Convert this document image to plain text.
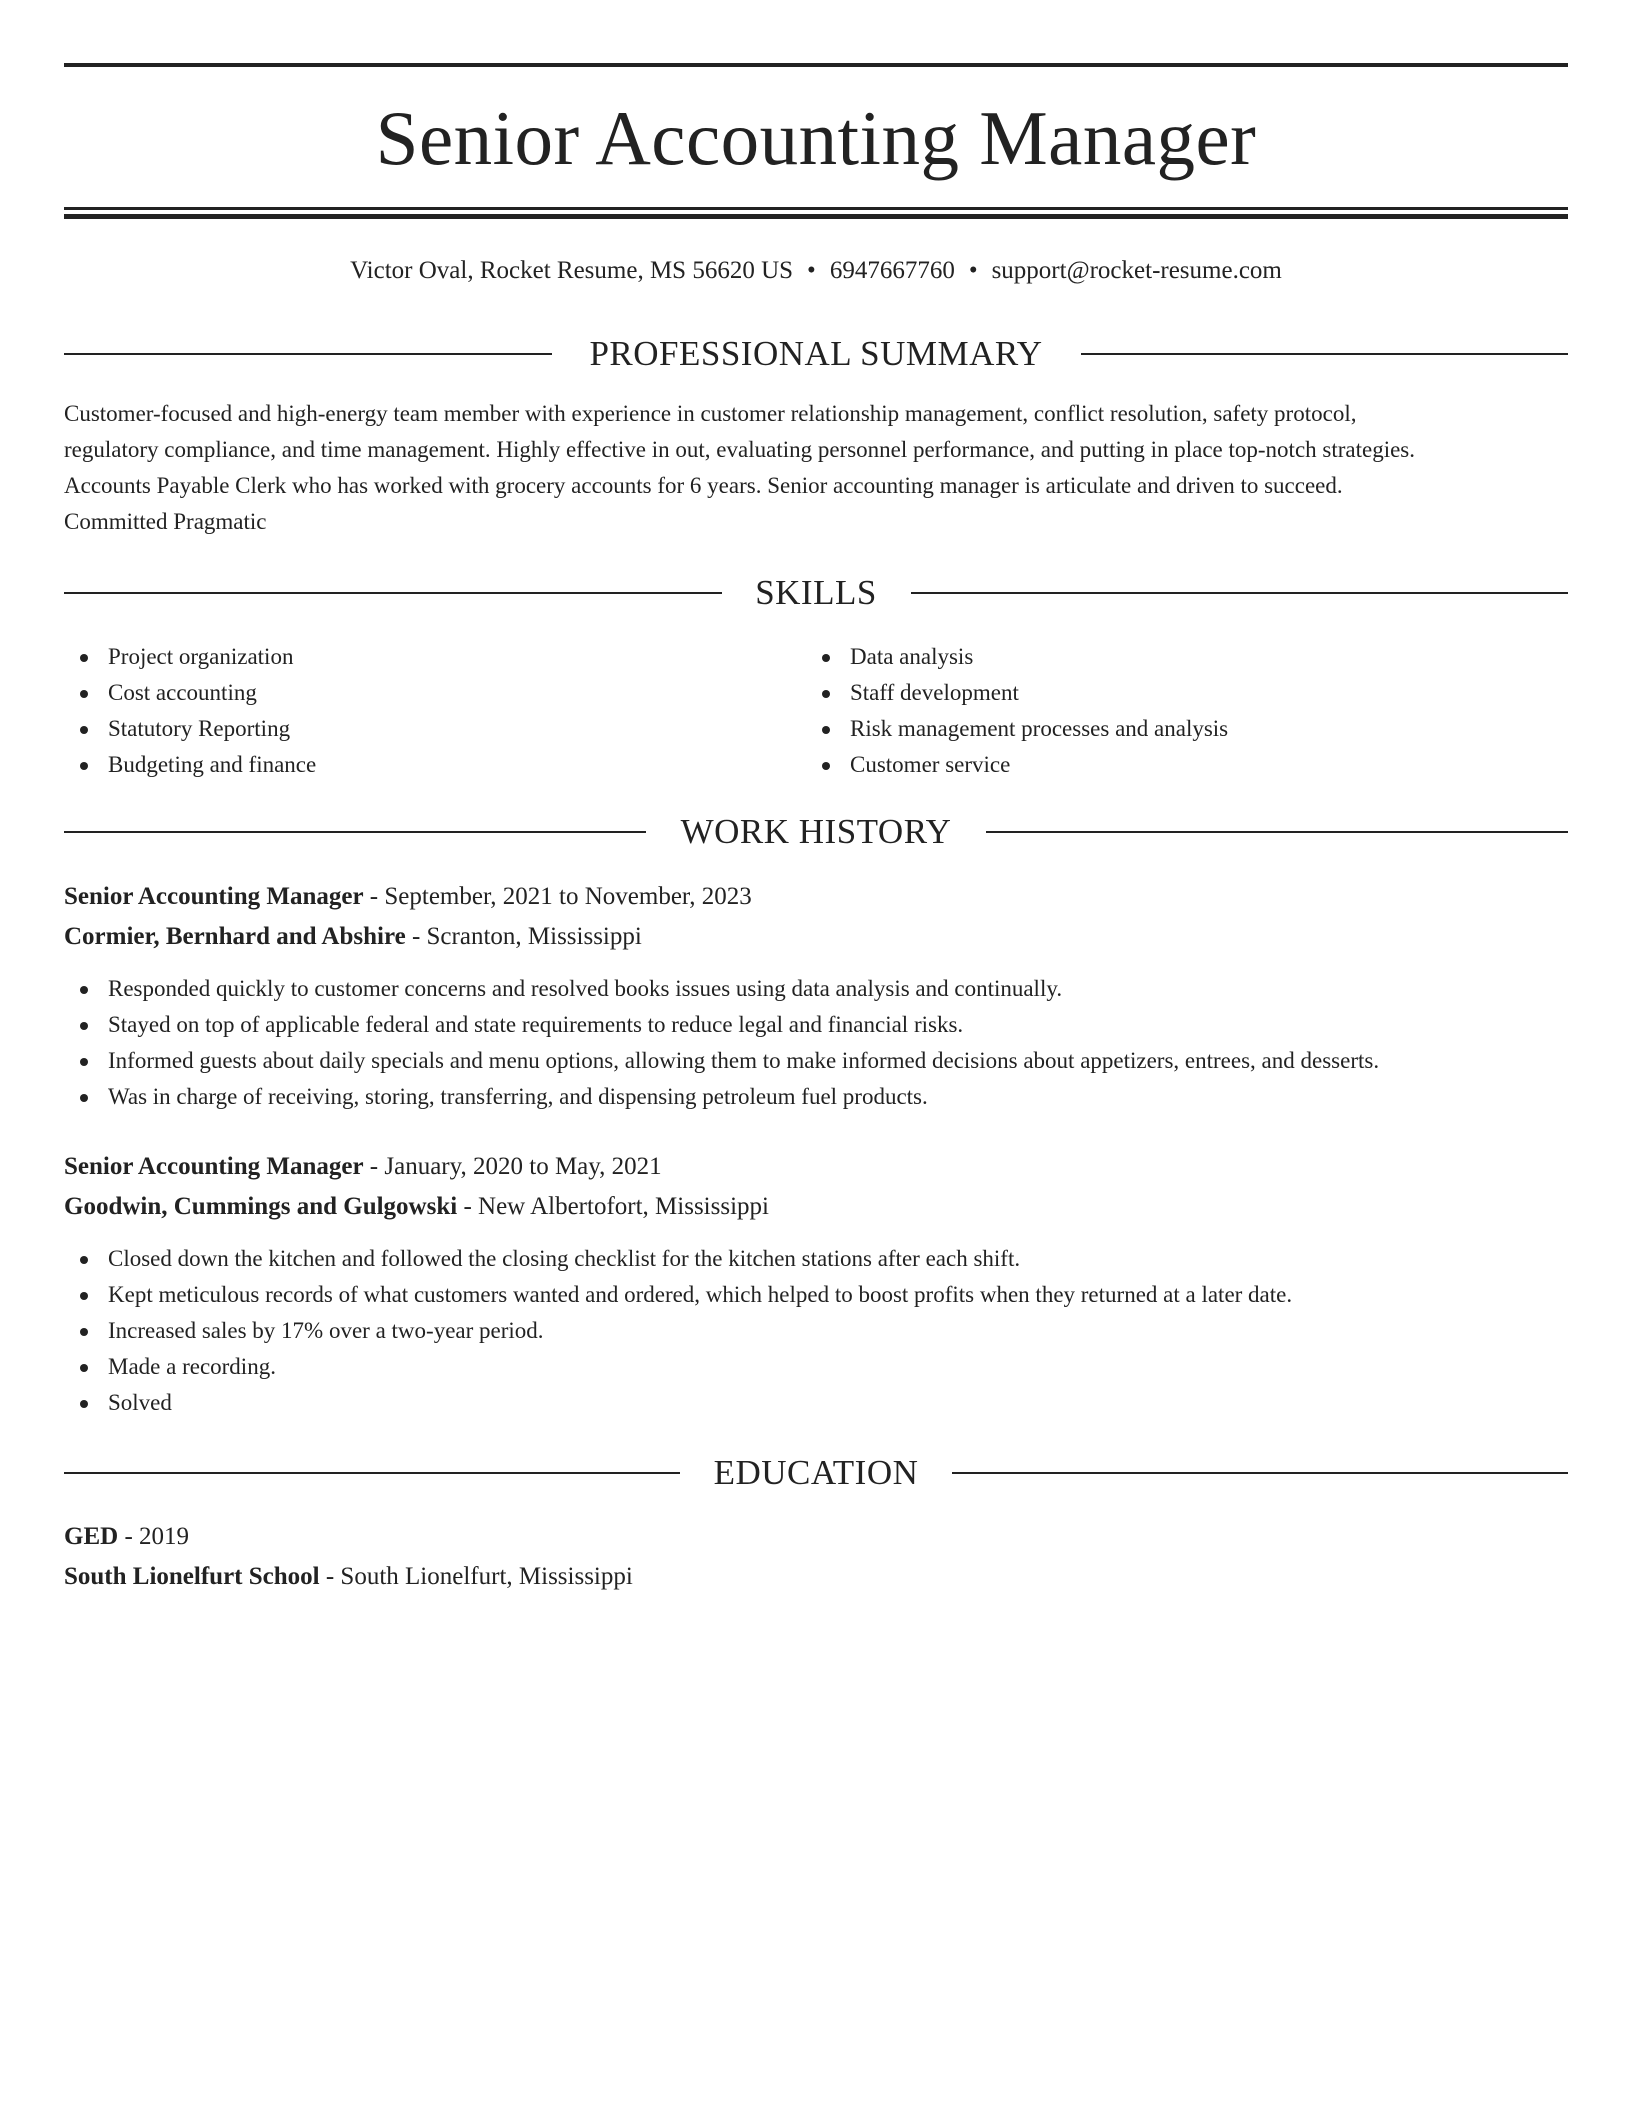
Senior Accounting Manager
Victor Oval, Rocket Resume, MS 56620 US • 6947667760 • support@rocket-resume.com
PROFESSIONAL SUMMARY
Customer-focused and high-energy team member with experience in customer relationship management, conflict resolution, safety protocol,
regulatory compliance, and time management. Highly effective in out, evaluating personnel performance, and putting in place top-notch strategies.
Accounts Payable Clerk who has worked with grocery accounts for 6 years. Senior accounting manager is articulate and driven to succeed.
Committed Pragmatic
SKILLS
Project organization
Cost accounting
Statutory Reporting
Budgeting and finance
Data analysis
Staff development
Risk management processes and analysis
Customer service
WORK HISTORY
Senior Accounting Manager - September, 2021 to November, 2023
Cormier, Bernhard and Abshire - Scranton, Mississippi
Responded quickly to customer concerns and resolved books issues using data analysis and continually.
Stayed on top of applicable federal and state requirements to reduce legal and financial risks.
Informed guests about daily specials and menu options, allowing them to make informed decisions about appetizers, entrees, and desserts.
Was in charge of receiving, storing, transferring, and dispensing petroleum fuel products.
Senior Accounting Manager - January, 2020 to May, 2021
Goodwin, Cummings and Gulgowski - New Albertofort, Mississippi
Closed down the kitchen and followed the closing checklist for the kitchen stations after each shift.
Kept meticulous records of what customers wanted and ordered, which helped to boost profits when they returned at a later date.
Increased sales by 17% over a two-year period.
Made a recording.
Solved
EDUCATION
GED - 2019
South Lionelfurt School - South Lionelfurt, Mississippi
